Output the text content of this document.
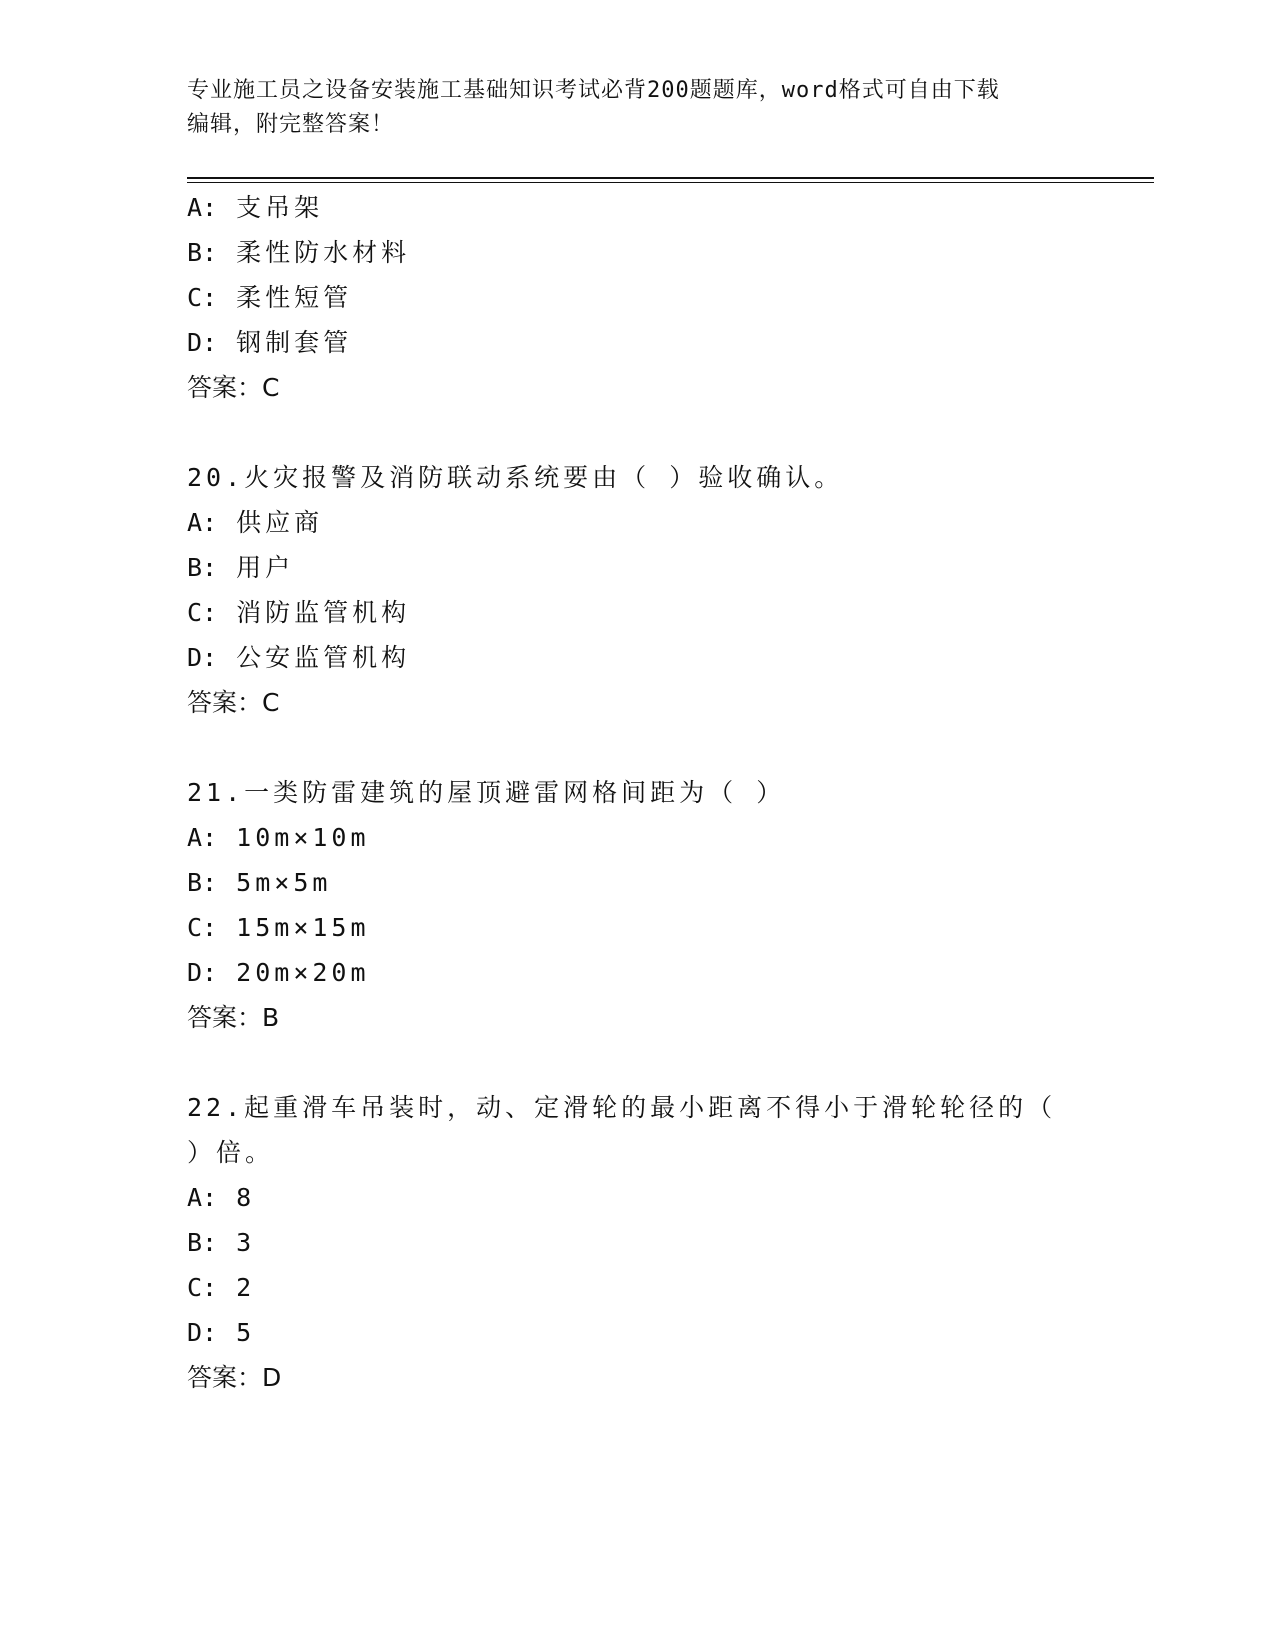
专业施工员之设备安装施工基础知识考试必背200题题库，word格式可自由下载
编辑，附完整答案！
A: 支吊架
B: 柔性防水材料
C: 柔性短管
D: 钢制套管
答案：C
20.火灾报警及消防联动系统要由（ ）验收确认。
A: 供应商
B: 用户
C: 消防监管机构
D: 公安监管机构
答案：C
21.一类防雷建筑的屋顶避雷网格间距为（ ）
A: 10m×10m
B: 5m×5m
C: 15m×15m
D: 20m×20m
答案：B
22.起重滑车吊装时，动、定滑轮的最小距离不得小于滑轮轮径的（
）倍。
A: 8
B: 3
C: 2
D: 5
答案：D
